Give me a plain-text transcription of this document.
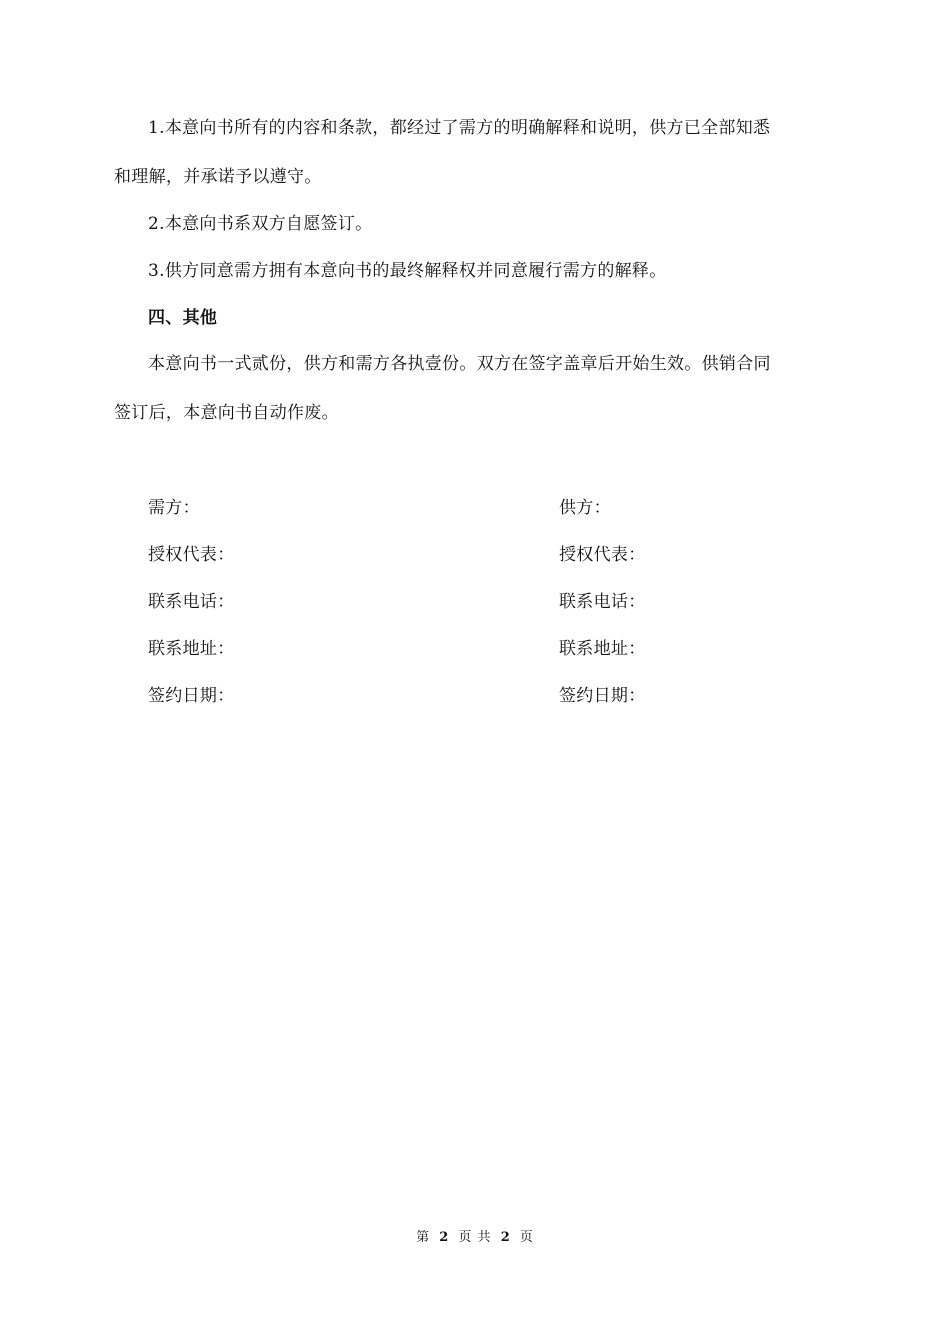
1.本意向书所有的内容和条款，都经过了需方的明确解释和说明，供方已全部知悉
和理解，并承诺予以遵守。
2.本意向书系双方自愿签订。
3.供方同意需方拥有本意向书的最终解释权并同意履行需方的解释。
四、其他
本意向书一式贰份，供方和需方各执壹份。双方在签字盖章后开始生效。供销合同
签订后，本意向书自动作废。
需方：
授权代表：
联系电话：
联系地址：
签约日期：
供方：
授权代表：
联系电话：
联系地址：
签约日期：
第 2 页 共 2 页
